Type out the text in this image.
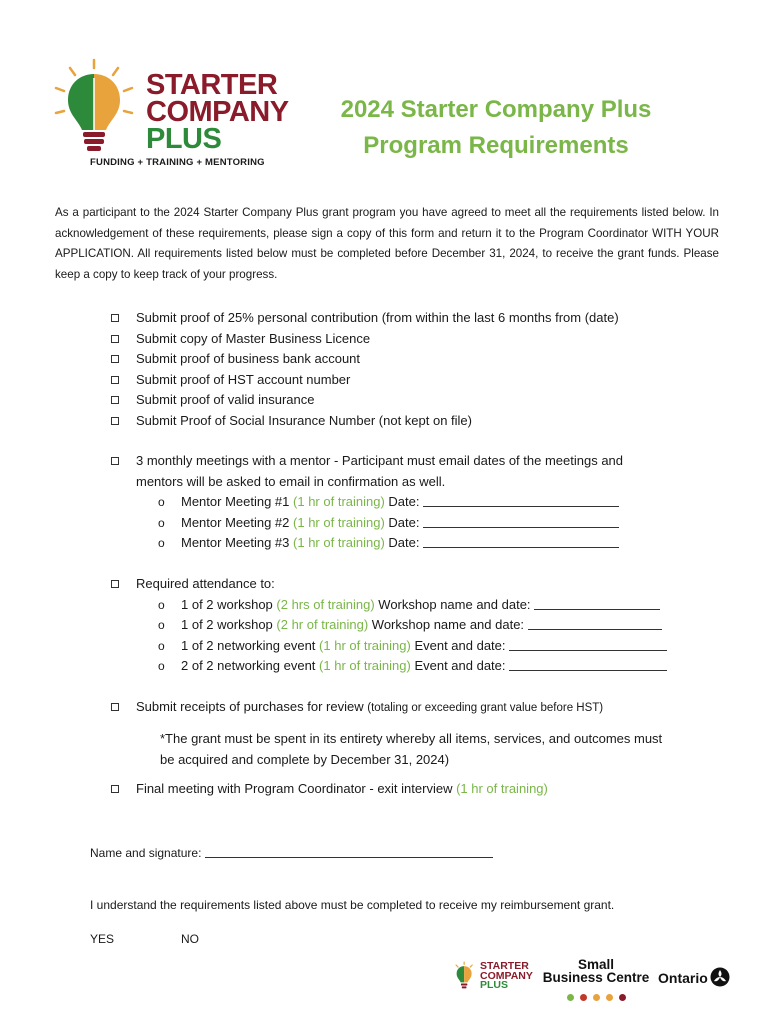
STARTER
COMPANY
PLUS
FUNDING + TRAINING + MENTORING
2024 Starter Company Plus
Program Requirements
As a participant to the 2024 Starter Company Plus grant program you have agreed to meet all the requirements listed below. In acknowledgement of these requirements, please sign a copy of this form and return it to the Program Coordinator WITH YOUR APPLICATION. All requirements listed below must be completed before December 31, 2024, to receive the grant funds. Please keep a copy to keep track of your progress.
Submit proof of 25% personal contribution (from within the last 6 months from (date)
Submit copy of Master Business Licence
Submit proof of business bank account
Submit proof of HST account number
Submit proof of valid insurance
Submit Proof of Social Insurance Number (not kept on file)
3 monthly meetings with a mentor - Participant must email dates of the meetings and
mentors will be asked to email in confirmation as well.
o Mentor Meeting #1 (1 hr of training) Date:
o Mentor Meeting #2 (1 hr of training) Date:
o Mentor Meeting #3 (1 hr of training) Date:
Required attendance to:
o 1 of 2 workshop (2 hrs of training) Workshop name and date:
o 1 of 2 workshop (2 hr of training) Workshop name and date:
o 1 of 2 networking event (1 hr of training) Event and date:
o 2 of 2 networking event (1 hr of training) Event and date:
Submit receipts of purchases for review (totaling or exceeding grant value before HST)
*The grant must be spent in its entirety whereby all items, services, and outcomes must be acquired and complete by December 31, 2024)
Final meeting with Program Coordinator - exit interview (1 hr of training)
Name and signature:
I understand the requirements listed above must be completed to receive my reimbursement grant.
YES	NO
STARTER
COMPANY
PLUS
Small
Business Centre Ontario
